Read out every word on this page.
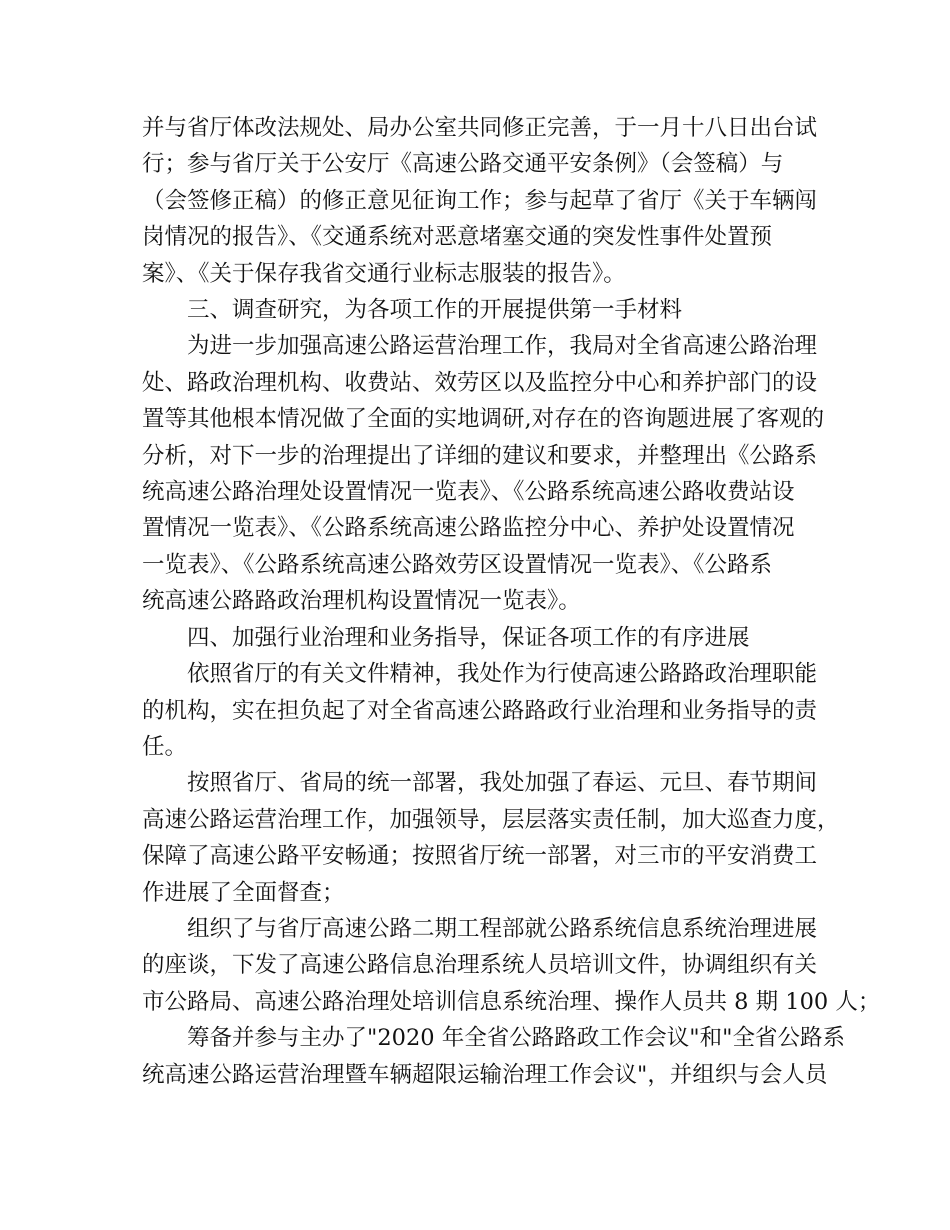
并与省厅体改法规处、局办公室共同修正完善，于一月十八日出台试
行；参与省厅关于公安厅《高速公路交通平安条例》（会签稿）与
（会签修正稿）的修正意见征询工作；参与起草了省厅《关于车辆闯
岗情况的报告》、《交通系统对恶意堵塞交通的突发性事件处置预
案》、《关于保存我省交通行业标志服装的报告》。
三、调查研究，为各项工作的开展提供第一手材料
为进一步加强高速公路运营治理工作，我局对全省高速公路治理
处、路政治理机构、收费站、效劳区以及监控分中心和养护部门的设
置等其他根本情况做了全面的实地调研,对存在的咨询题进展了客观的
分析，对下一步的治理提出了详细的建议和要求，并整理出《公路系
统高速公路治理处设置情况一览表》、《公路系统高速公路收费站设
置情况一览表》、《公路系统高速公路监控分中心、养护处设置情况
一览表》、《公路系统高速公路效劳区设置情况一览表》、《公路系
统高速公路路政治理机构设置情况一览表》。
四、加强行业治理和业务指导，保证各项工作的有序进展
依照省厅的有关文件精神，我处作为行使高速公路路政治理职能
的机构，实在担负起了对全省高速公路路政行业治理和业务指导的责
任。
按照省厅、省局的统一部署，我处加强了春运、元旦、春节期间
高速公路运营治理工作，加强领导，层层落实责任制，加大巡查力度，
保障了高速公路平安畅通；按照省厅统一部署，对三市的平安消费工
作进展了全面督查；
组织了与省厅高速公路二期工程部就公路系统信息系统治理进展
的座谈，下发了高速公路信息治理系统人员培训文件，协调组织有关
市公路局、高速公路治理处培训信息系统治理、操作人员共 8 期 100 人；
筹备并参与主办了"2020 年全省公路路政工作会议"和"全省公路系
统高速公路运营治理暨车辆超限运输治理工作会议"，并组织与会人员
